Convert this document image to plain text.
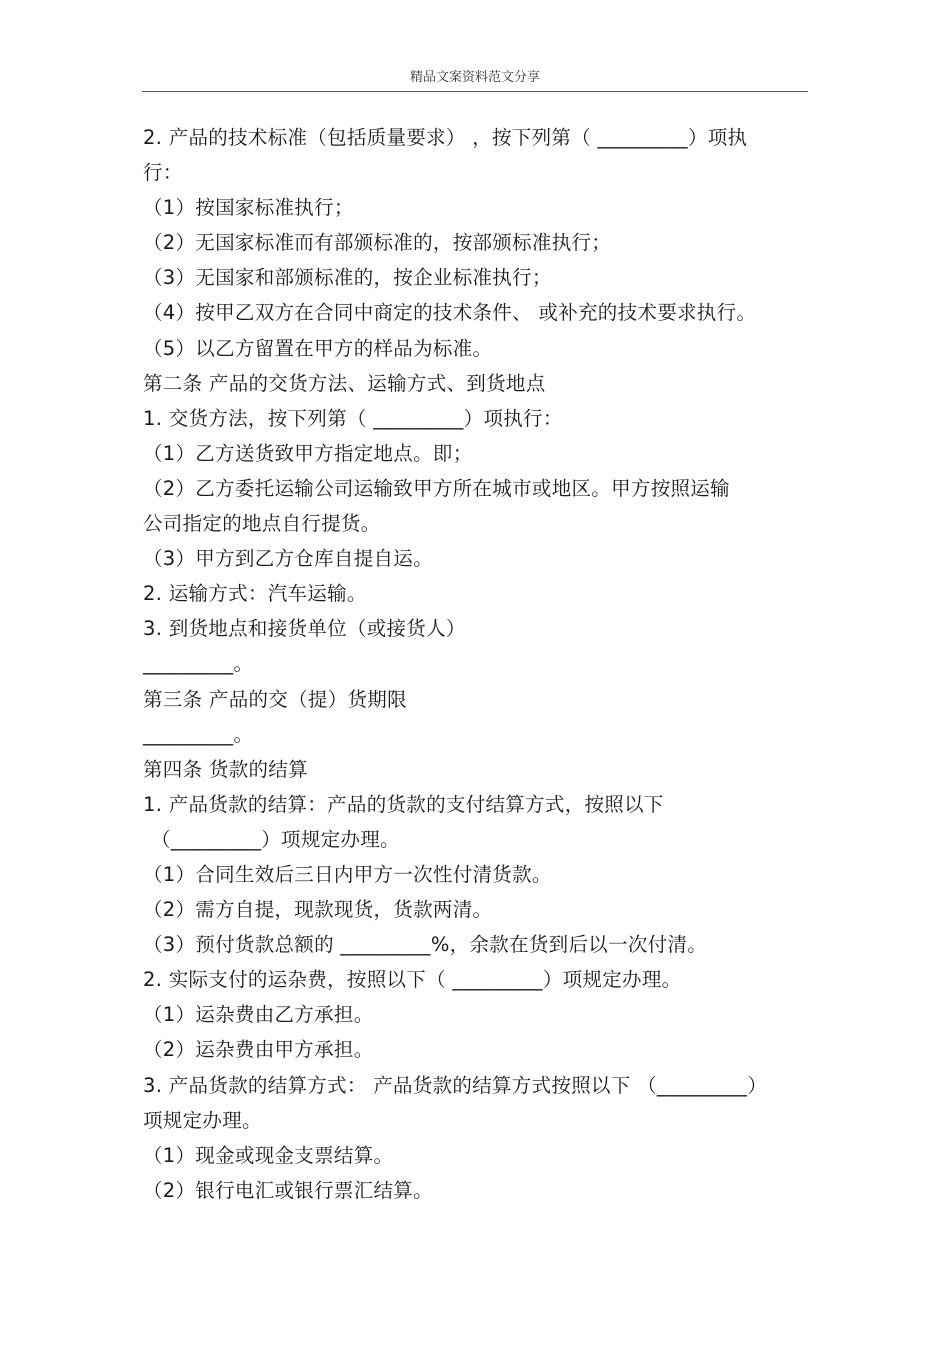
精品文案资料范文分享
2. 产品的技术标准（包括质量要求） ，按下列第（ _________）项执
行：
（1）按国家标准执行；
（2）无国家标准而有部颁标准的，按部颁标准执行；
（3）无国家和部颁标准的，按企业标准执行；
（4）按甲乙双方在合同中商定的技术条件、 或补充的技术要求执行。
（5）以乙方留置在甲方的样品为标准。
第二条 产品的交货方法、运输方式、到货地点
1. 交货方法，按下列第（ _________）项执行：
（1）乙方送货致甲方指定地点。即；
（2）乙方委托运输公司运输致甲方所在城市或地区。甲方按照运输
公司指定的地点自行提货。
（3）甲方到乙方仓库自提自运。
2. 运输方式：汽车运输。
3. 到货地点和接货单位（或接货人）
_________。
第三条 产品的交（提）货期限
_________。
第四条 货款的结算
1. 产品货款的结算：产品的货款的支付结算方式，按照以下
（_________）项规定办理。
（1）合同生效后三日内甲方一次性付清货款。
（2）需方自提，现款现货，货款两清。
（3）预付货款总额的 _________%，余款在货到后以一次付清。
2. 实际支付的运杂费，按照以下（ _________）项规定办理。
（1）运杂费由乙方承担。
（2）运杂费由甲方承担。
3. 产品货款的结算方式： 产品货款的结算方式按照以下 （_________）
项规定办理。
（1）现金或现金支票结算。
（2）银行电汇或银行票汇结算。
